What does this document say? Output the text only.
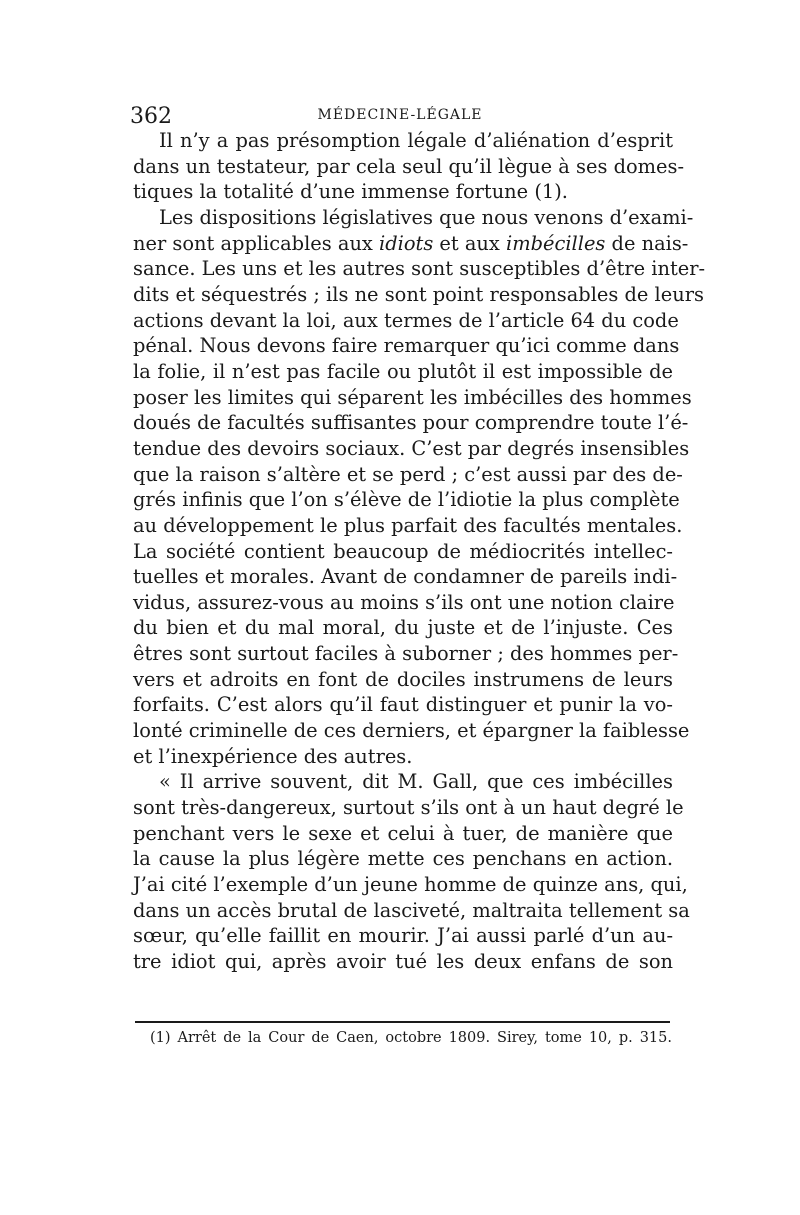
362	MÉDECINE-LÉGALE
Il n’y a pas présomption légale d’aliénation d’esprit
dans un testateur, par cela seul qu’il lègue à ses domes-
tiques la totalité d’une immense fortune (1).
Les dispositions législatives que nous venons d’exami-
ner sont applicables aux idiots et aux imbécilles de nais-
sance. Les uns et les autres sont susceptibles d’être inter-
dits et séquestrés ; ils ne sont point responsables de leurs
actions devant la loi, aux termes de l’article 64 du code
pénal. Nous devons faire remarquer qu’ici comme dans
la folie, il n’est pas facile ou plutôt il est impossible de
poser les limites qui séparent les imbécilles des hommes
doués de facultés suffisantes pour comprendre toute l’é-
tendue des devoirs sociaux. C’est par degrés insensibles
que la raison s’altère et se perd ; c’est aussi par des de-
grés infinis que l’on s’élève de l’idiotie la plus complète
au développement le plus parfait des facultés mentales.
La société contient beaucoup de médiocrités intellec-
tuelles et morales. Avant de condamner de pareils indi-
vidus, assurez-vous au moins s’ils ont une notion claire
du bien et du mal moral, du juste et de l’injuste. Ces
êtres sont surtout faciles à suborner ; des hommes per-
vers et adroits en font de dociles instrumens de leurs
forfaits. C’est alors qu’il faut distinguer et punir la vo-
lonté criminelle de ces derniers, et épargner la faiblesse
et l’inexpérience des autres.
« Il arrive souvent, dit M. Gall, que ces imbécilles
sont très-dangereux, surtout s’ils ont à un haut degré le
penchant vers le sexe et celui à tuer, de manière que
la cause la plus légère mette ces penchans en action.
J’ai cité l’exemple d’un jeune homme de quinze ans, qui,
dans un accès brutal de lasciveté, maltraita tellement sa
sœur, qu’elle faillit en mourir. J’ai aussi parlé d’un au-
tre idiot qui, après avoir tué les deux enfans de son
(1) Arrêt de la Cour de Caen, octobre 1809. Sirey, tome 10, p. 315.
